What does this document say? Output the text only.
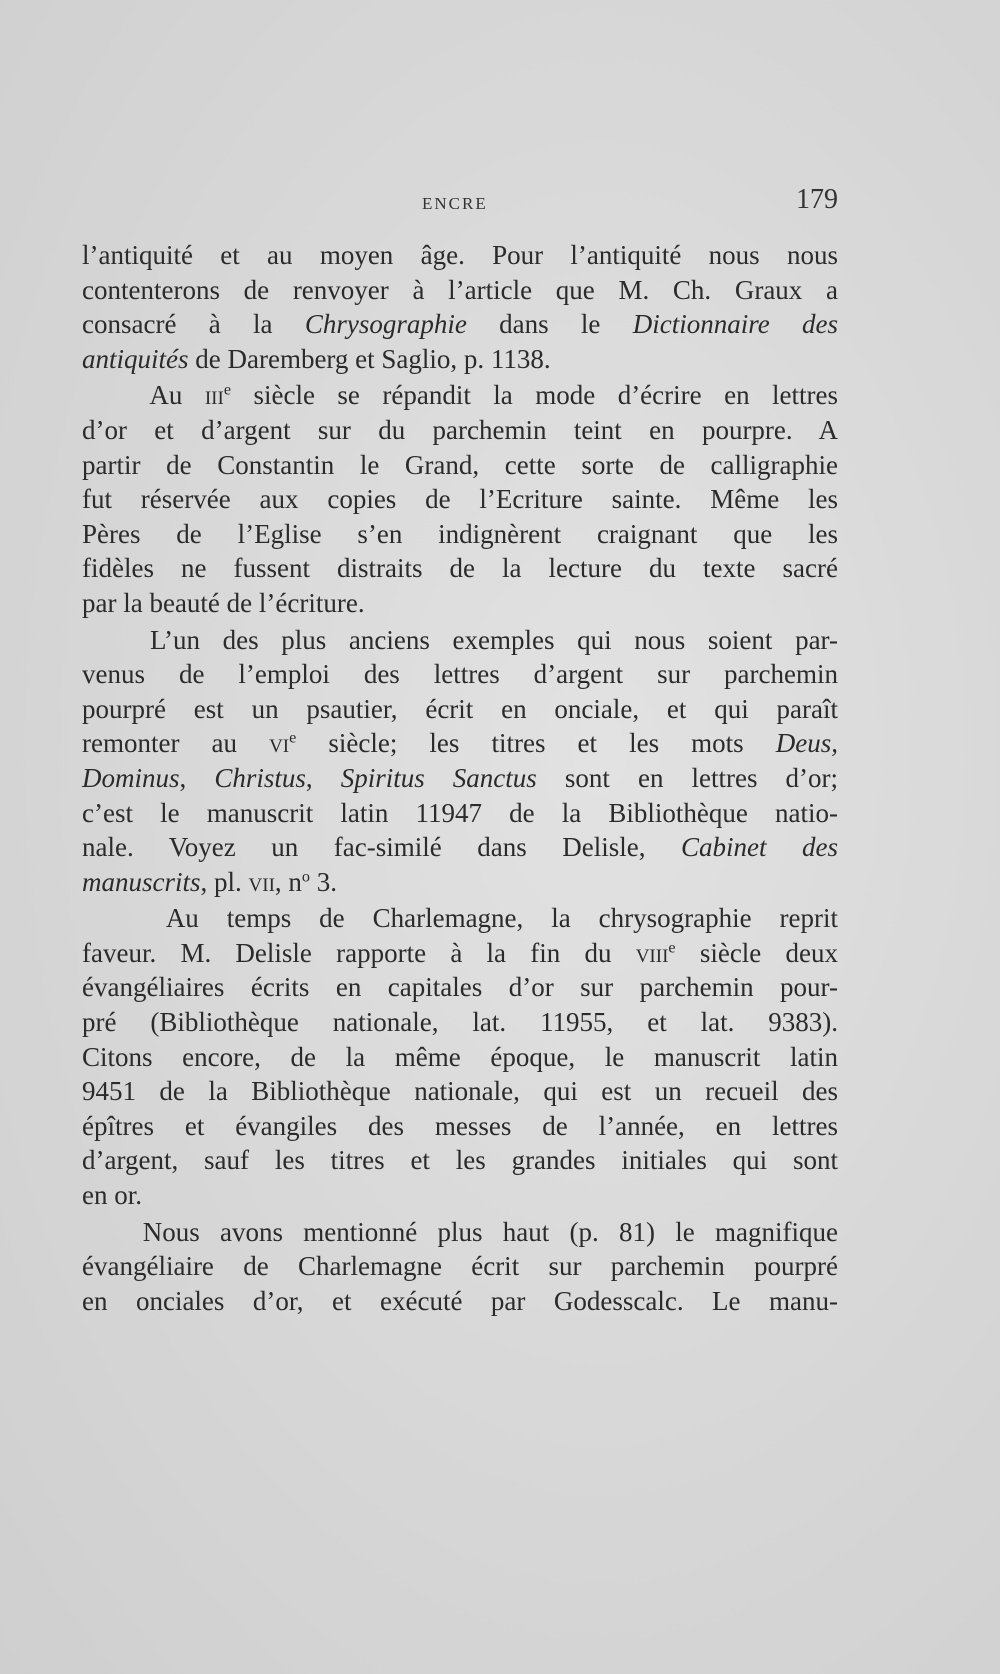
ENCRE	179
l’antiquité et au moyen âge. Pour l’antiquité nous nous
contenterons de renvoyer à l’article que M. Ch. Graux a
consacré à la Chrysographie dans le Dictionnaire des
antiquités de Daremberg et Saglio, p. 1138.
Au iii$^e$ siècle se répandit la mode d’écrire en lettres
d’or et d’argent sur du parchemin teint en pourpre. A
partir de Constantin le Grand, cette sorte de calligraphie
fut réservée aux copies de l’Ecriture sainte. Même les
Pères de l’Eglise s’en indignèrent craignant que les
fidèles ne fussent distraits de la lecture du texte sacré
par la beauté de l’écriture.
L’un des plus anciens exemples qui nous soient par-
venus de l’emploi des lettres d’argent sur parchemin
pourpré est un psautier, écrit en onciale, et qui paraît
remonter au $vi^e$ siècle; les titres et les mots Deus,
Dominus, Christus, Spiritus Sanctus sont en lettres d’or;
c’est le manuscrit latin 11947 de la Bibliothèque natio-
nale. Voyez un fac-similé dans Delisle, Cabinet des
manuscrits, pl. vii, $n^o$ 3.
Au temps de Charlemagne, la chrysographie reprit
faveur. M. Delisle rapporte à la fin du viii$^e$ siècle deux
évangéliaires écrits en capitales d’or sur parchemin pour-
pré (Bibliothèque nationale, lat. 11955, et lat. 9383).
Citons encore, de la même époque, le manuscrit latin
9451 de la Bibliothèque nationale, qui est un recueil des
épîtres et évangiles des messes de l’année, en lettres
d’argent, sauf les titres et les grandes initiales qui sont
en or.
Nous avons mentionné plus haut (p. 81) le magnifique
évangéliaire de Charlemagne écrit sur parchemin pourpré
en onciales d’or, et exécuté par Godesscalc. Le manu-
